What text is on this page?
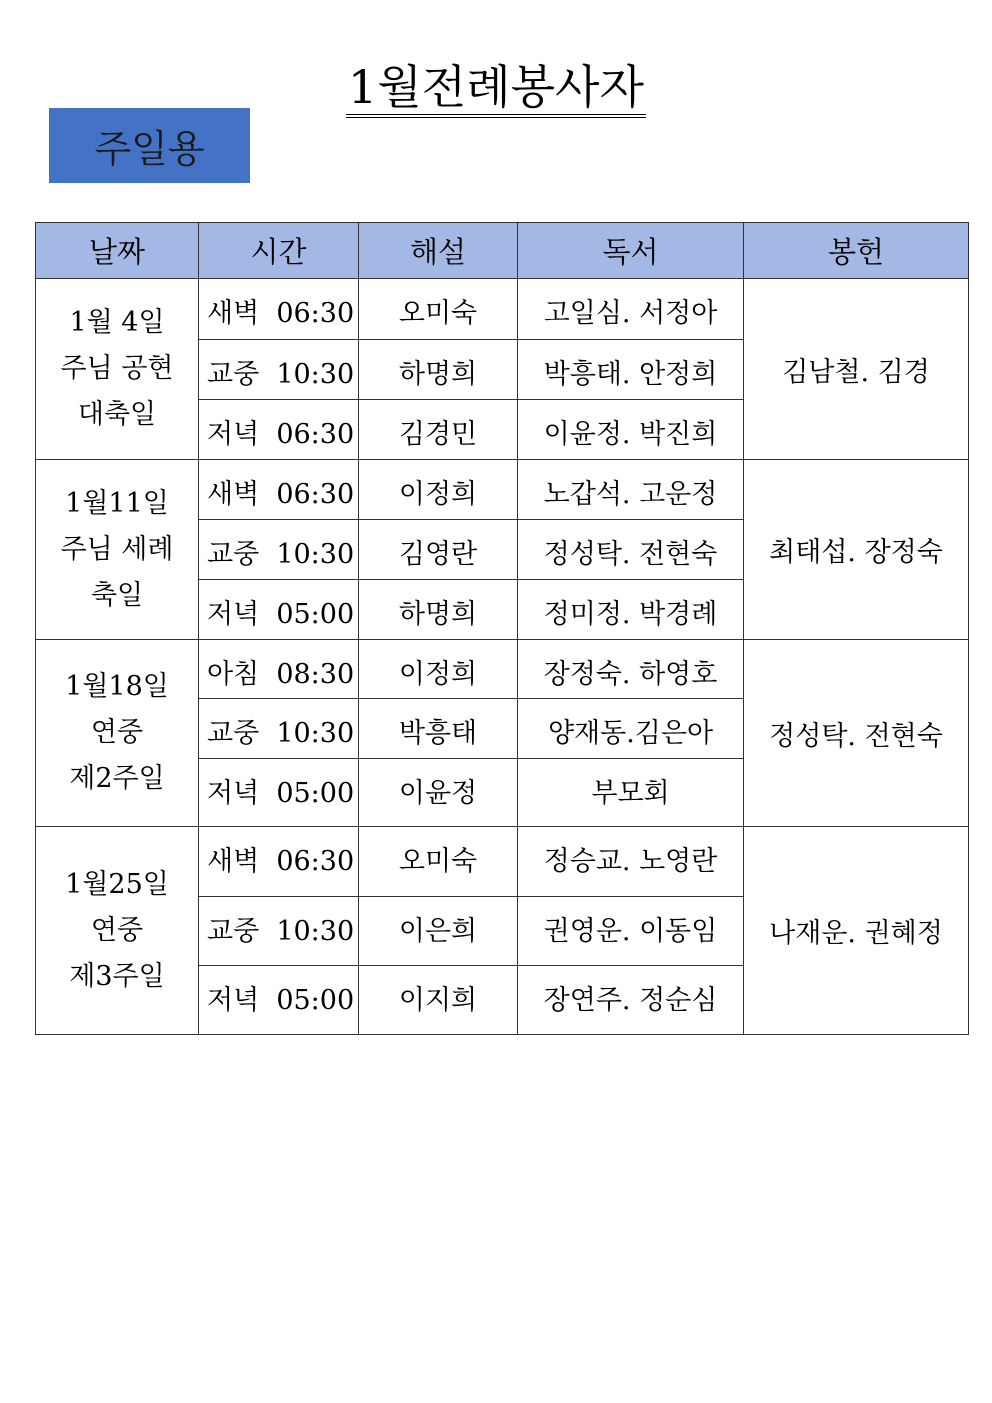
1월전례봉사자
주일용
날짜	시간	해설	독서	봉헌

1월 4일
주님 공현
대축일	새벽  06:30	오미숙	고일심. 서정아	김남철. 김경
	교중  10:30	하명희	박흥태. 안정희	
	저녁  06:30	김경민	이윤정. 박진희	

1월11일
주님 세례
축일	새벽  06:30	이정희	노갑석. 고운정	최태섭. 장정숙
	교중  10:30	김영란	정성탁. 전현숙	
	저녁  05:00	하명희	정미정. 박경례	

1월18일
연중
제2주일	아침  08:30	이정희	장정숙. 하영호	정성탁. 전현숙
	교중  10:30	박흥태	양재동.김은아	
	저녁  05:00	이윤정	부모회	

1월25일
연중
제3주일	새벽  06:30	오미숙	정승교. 노영란	나재운. 권혜정
	교중  10:30	이은희	권영운. 이동임	
	저녁  05:00	이지희	장연주. 정순심	
